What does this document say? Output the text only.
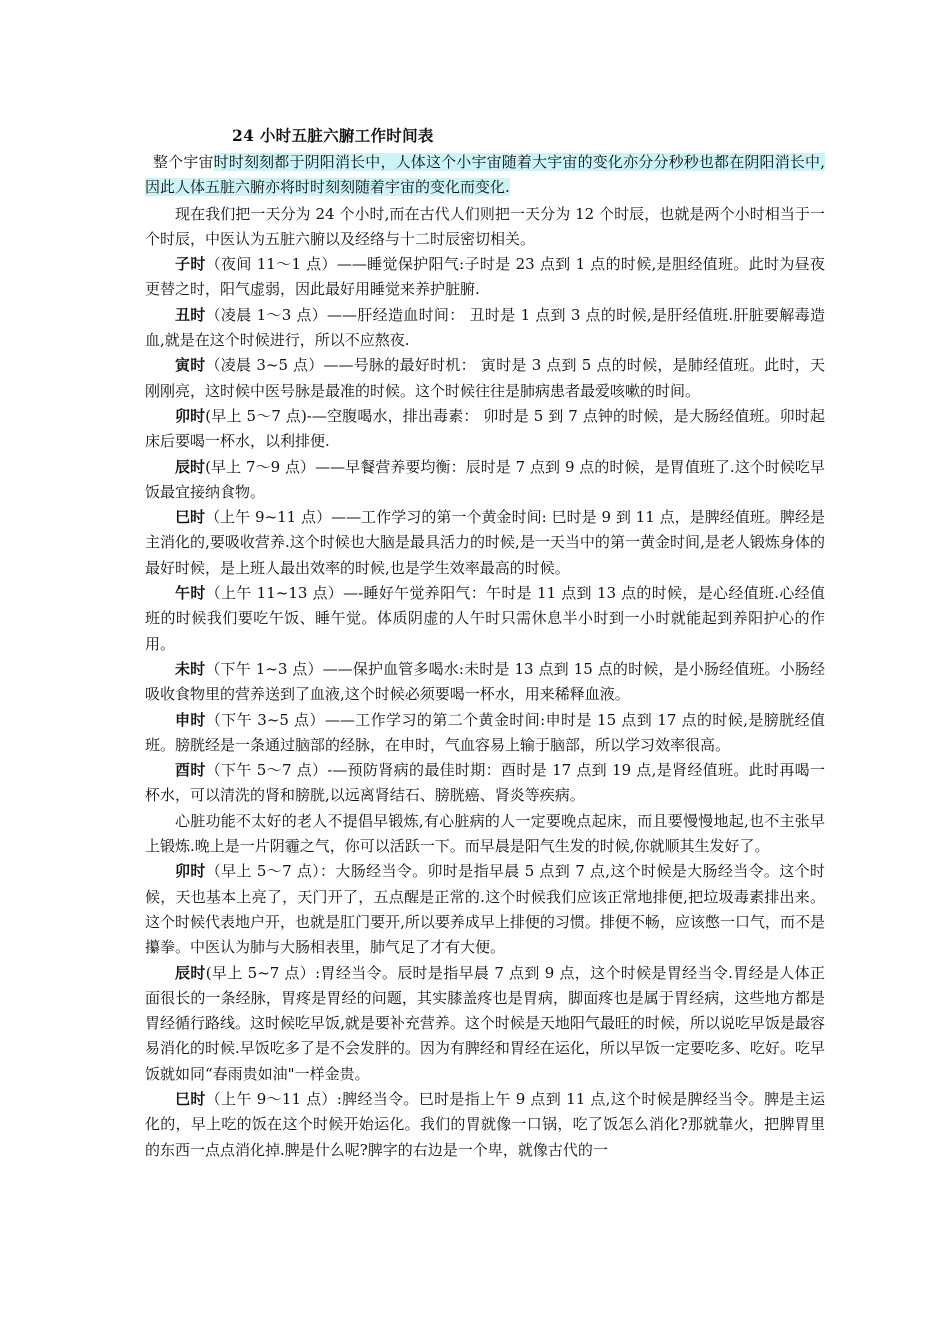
24 小时五脏六腑工作时间表

整个宇宙时时刻刻都于阴阳消长中，人体这个小宇宙随着大宇宙的变化亦分分秒秒也都在阴阳消长中,因此人体五脏六腑亦将时时刻刻随着宇宙的变化而变化.

现在我们把一天分为 24 个小时,而在古代人们则把一天分为 12 个时辰，也就是两个小时相当于一个时辰，中医认为五脏六腑以及经络与十二时辰密切相关。

子时（夜间 11～1 点）——睡觉保护阳气:子时是 23 点到 1 点的时候,是胆经值班。此时为昼夜更替之时，阳气虚弱，因此最好用睡觉来养护脏腑.

丑时（凌晨 1～3 点）——肝经造血时间： 丑时是 1 点到 3 点的时候,是肝经值班.肝脏要解毒造血,就是在这个时候进行，所以不应熬夜.

寅时（凌晨 3~5 点）——号脉的最好时机： 寅时是 3 点到 5 点的时候，是肺经值班。此时，天刚刚亮，这时候中医号脉是最准的时候。这个时候往往是肺病患者最爱咳嗽的时间。

卯时(早上 5～7 点)-—空腹喝水，排出毒素： 卯时是 5 到 7 点钟的时候，是大肠经值班。卯时起床后要喝一杯水，以利排便.

辰时(早上 7～9 点）——早餐营养要均衡：辰时是 7 点到 9 点的时候，是胃值班了.这个时候吃早饭最宜接纳食物。

巳时（上午 9~11 点）——工作学习的第一个黄金时间: 巳时是 9 到 11 点，是脾经值班。脾经是主消化的,要吸收营养.这个时候也大脑是最具活力的时候,是一天当中的第一黄金时间,是老人锻炼身体的最好时候，是上班人最出效率的时候,也是学生效率最高的时候。

午时（上午 11~13 点）—-睡好午觉养阳气：午时是 11 点到 13 点的时候，是心经值班.心经值班的时候我们要吃午饭、睡午觉。体质阴虚的人午时只需休息半小时到一小时就能起到养阳护心的作用。

未时（下午 1~3 点）——保护血管多喝水:未时是 13 点到 15 点的时候，是小肠经值班。小肠经吸收食物里的营养送到了血液,这个时候必须要喝一杯水，用来稀释血液。

申时（下午 3~5 点）——工作学习的第二个黄金时间:申时是 15 点到 17 点的时候,是膀胱经值班。膀胱经是一条通过脑部的经脉，在申时，气血容易上输于脑部，所以学习效率很高。

酉时（下午 5～7 点）-—预防肾病的最佳时期：酉时是 17 点到 19 点,是肾经值班。此时再喝一杯水，可以清洗的肾和膀胱,以远离肾结石、膀胱癌、肾炎等疾病。

心脏功能不太好的老人不提倡早锻炼,有心脏病的人一定要晚点起床，而且要慢慢地起,也不主张早上锻炼.晚上是一片阴霾之气，你可以活跃一下。而早晨是阳气生发的时候,你就顺其生发好了。

卯时（早上 5～7 点）：大肠经当令。卯时是指早晨 5 点到 7 点,这个时候是大肠经当令。这个时候，天也基本上亮了，天门开了，五点醒是正常的.这个时候我们应该正常地排便,把垃圾毒素排出来。这个时候代表地户开，也就是肛门要开,所以要养成早上排便的习惯。排便不畅，应该憋一口气，而不是攥拳。中医认为肺与大肠相表里，肺气足了才有大便。

辰时(早上 5~7 点）:胃经当令。辰时是指早晨 7 点到 9 点，这个时候是胃经当令.胃经是人体正面很长的一条经脉，胃疼是胃经的问题，其实膝盖疼也是胃病，脚面疼也是属于胃经病，这些地方都是胃经循行路线。这时候吃早饭,就是要补充营养。这个时候是天地阳气最旺的时候，所以说吃早饭是最容易消化的时候.早饭吃多了是不会发胖的。因为有脾经和胃经在运化，所以早饭一定要吃多、吃好。吃早饭就如同“春雨贵如油"一样金贵。

巳时（上午 9～11 点）:脾经当令。巳时是指上午 9 点到 11 点,这个时候是脾经当令。脾是主运化的，早上吃的饭在这个时候开始运化。我们的胃就像一口锅，吃了饭怎么消化?那就靠火，把脾胃里的东西一点点消化掉.脾是什么呢?脾字的右边是一个卑，就像古代的一
